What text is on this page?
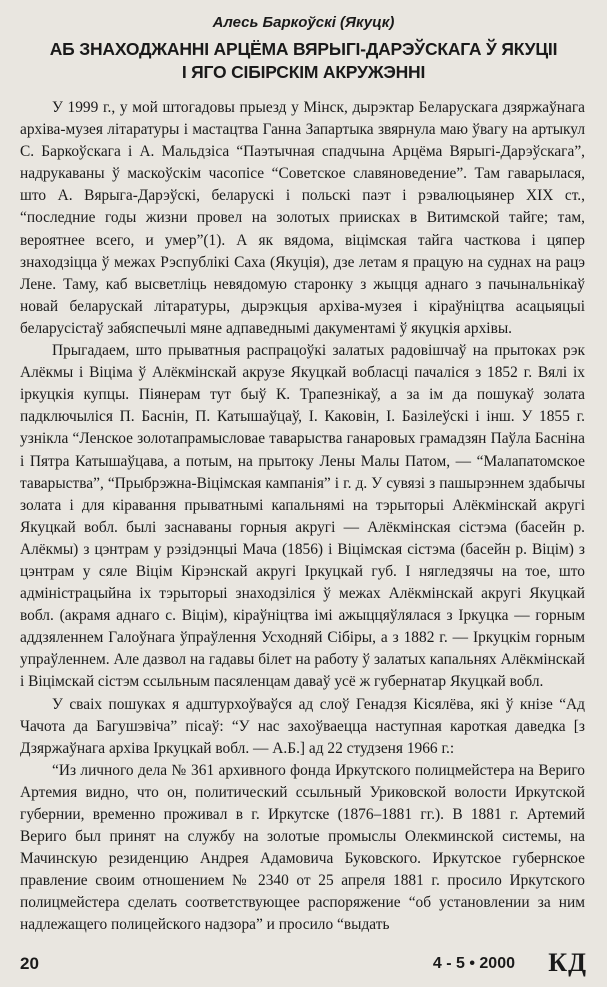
Алесь Баркоўскі (Якуцк)
АБ ЗНАХОДЖАННІ АРЦЁМА ВЯРЫГІ-ДАРЭЎСКАГА Ў ЯКУЦІІ
І ЯГО СІБІРСКІМ АКРУЖЭННІ

У 1999 г., у мой штогадовы прыезд у Мінск, дырэктар Беларускага дзяржаўнага архіва-музея літаратуры і мастацтва Ганна Запартыка звярнула маю ўвагу на артыкул С. Баркоўскага і А. Мальдзіса “Паэтычная спадчына Арцёма Вярыгі-Дарэўскага”, надрукаваны ў маскоўскім часопісе “Советское славяноведение”. Там гаварылася, што А. Вярыга-Дарэўскі, беларускі і польскі паэт і рэвалюцыянер XIX ст., “последние годы жизни провел на золотых приисках в Витимской тайге; там, вероятнее всего, и умер”(1). А як вядома, віцімская тайга часткова і цяпер знаходзіцца ў межах Рэспублікі Саха (Якуція), дзе летам я працую на суднах на рацэ Лене. Таму, каб высветліць невядомую старонку з жыцця аднаго з пачынальнікаў новай беларускай літаратуры, дырэкцыя архіва-музея і кіраўніцтва асацыяцыі беларусістаў забяспечылі мяне адпаведнымі дакументамі ў якуцкія архівы.

Прыгадаем, што прыватныя распрацоўкі залатых радовішчаў на прытоках рэк Алёкмы і Віціма ў Алёкмінскай акрузе Якуцкай вобласці пачаліся з 1852 г. Вялі іх іркуцкія купцы. Піянерам тут быў К. Трапезнікаў, а за ім да пошукаў золата падключыліся П. Баснін, П. Катышаўцаў, І. Каковін, І. Базілеўскі і інш. У 1855 г. узнікла “Ленское золотапрамысловае таварыства ганаровых грамадзян Паўла Басніна і Пятра Катышаўцава, а потым, на прытоку Лены Малы Патом, — “Малапатомское таварыства”, “Прыбрэжна-Віцімская кампанія” і г. д. У сувязі з пашырэннем здабычы золата і для кіравання прыватнымі капальнямі на тэрыторыі Алёкмінскай акругі Якуцкай вобл. былі заснаваны горныя акругі — Алёкмінская сістэма (басейн р. Алёкмы) з цэнтрам у рэзідэнцыі Мача (1856) і Віцімская сістэма (басейн р. Віцім) з цэнтрам у сяле Віцім Кірэнскай акругі Іркуцкай губ. І нягледзячы на тое, што адміністрацыйна іх тэрыторыі знаходзіліся ў межах Алёкмінскай акругі Якуцкай вобл. (акрамя аднаго с. Віцім), кіраўніцтва імі ажыццяўлялася з Іркуцка — горным аддзяленнем Галоўнага ўпраўлення Усходняй Сібіры, а з 1882 г. — Іркуцкім горным упраўленнем. Але дазвол на гадавы білет на работу ў залатых капальнях Алёкмінскай і Віцімскай сістэм ссыльным пасяленцам даваў усё ж губернатар Якуцкай вобл.

У сваіх пошуках я адштурхоўваўся ад слоў Генадзя Кісялёва, які ў кнізе “Ад Чачота да Багушэвіча” пісаў: “У нас захоўваецца наступная кароткая даведка [з Дзяржаўнага архіва Іркуцкай вобл. — А.Б.] ад 22 студзеня 1966 г.:

“Из личного дела № 361 архивного фонда Иркутского полицмейстера на Вериго Артемия видно, что он, политический ссыльный Уриковской волости Иркутской губернии, временно проживал в г. Иркутске (1876–1881 гг.). В 1881 г. Артемий Вериго был принят на службу на золотые промыслы Олекминской системы, на Мачинскую резиденцию Андрея Адамовича Буковского. Иркутское губернское правление своим отношением № 2340 от 25 апреля 1881 г. просило Иркутского полицмейстера сделать соответствующее распоряжение “об установлении за ним надлежащего полицейского надзора” и просило “выдать

20	4 - 5 • 2000 КД
